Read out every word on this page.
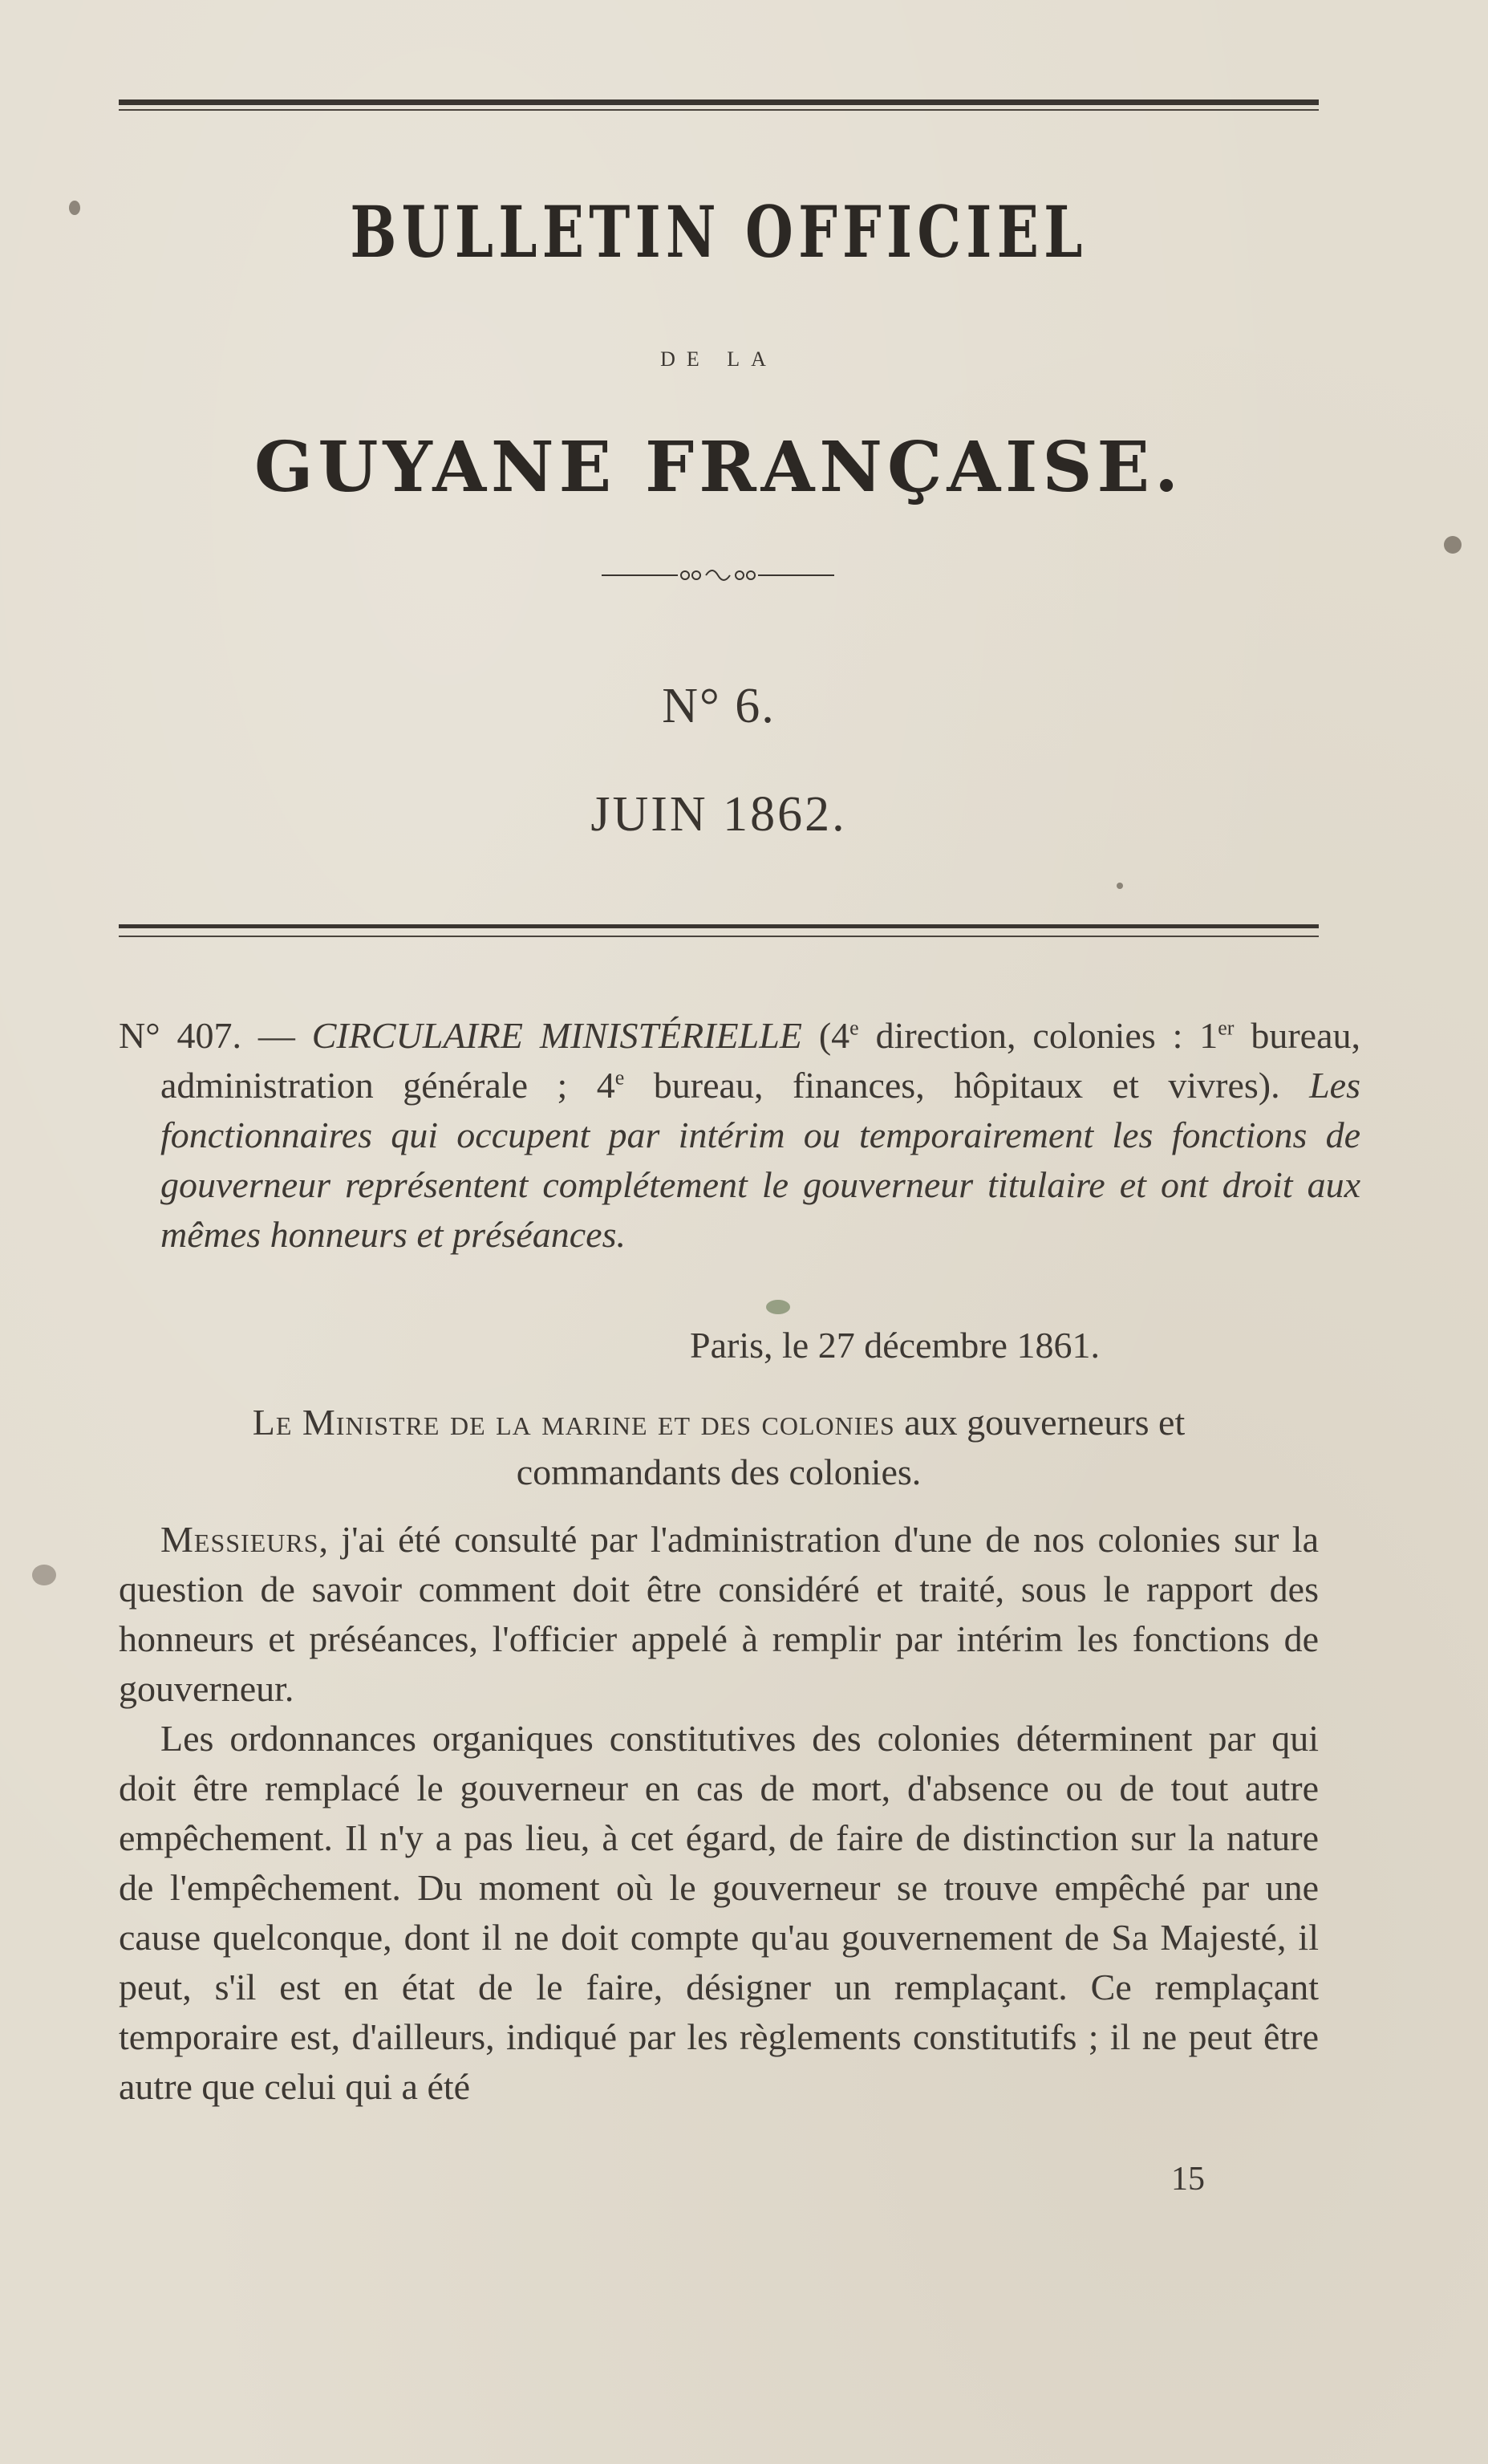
BULLETIN OFFICIEL
DE LA
GUYANE FRANÇAISE.
N° 6.
JUIN 1862.
N° 407. — CIRCULAIRE MINISTÉRIELLE (4e direction, colonies : 1er bureau, administration générale ; 4e bureau, finances, hôpitaux et vivres). Les fonctionnaires qui occupent par intérim ou temporairement les fonctions de gouverneur représentent complétement le gouverneur titulaire et ont droit aux mêmes honneurs et préséances.
Paris, le 27 décembre 1861.
Le Ministre de la marine et des colonies aux gouverneurs et commandants des colonies.

Messieurs, j'ai été consulté par l'administration d'une de nos colonies sur la question de savoir comment doit être considéré et traité, sous le rapport des honneurs et préséances, l'officier appelé à remplir par intérim les fonctions de gouverneur.

Les ordonnances organiques constitutives des colonies déterminent par qui doit être remplacé le gouverneur en cas de mort, d'absence ou de tout autre empêchement. Il n'y a pas lieu, à cet égard, de faire de distinction sur la nature de l'empêchement. Du moment où le gouverneur se trouve empêché par une cause quelconque, dont il ne doit compte qu'au gouvernement de Sa Majesté, il peut, s'il est en état de le faire, désigner un remplaçant. Ce remplaçant temporaire est, d'ailleurs, indiqué par les règlements constitutifs ; il ne peut être autre que celui qui a été

15
